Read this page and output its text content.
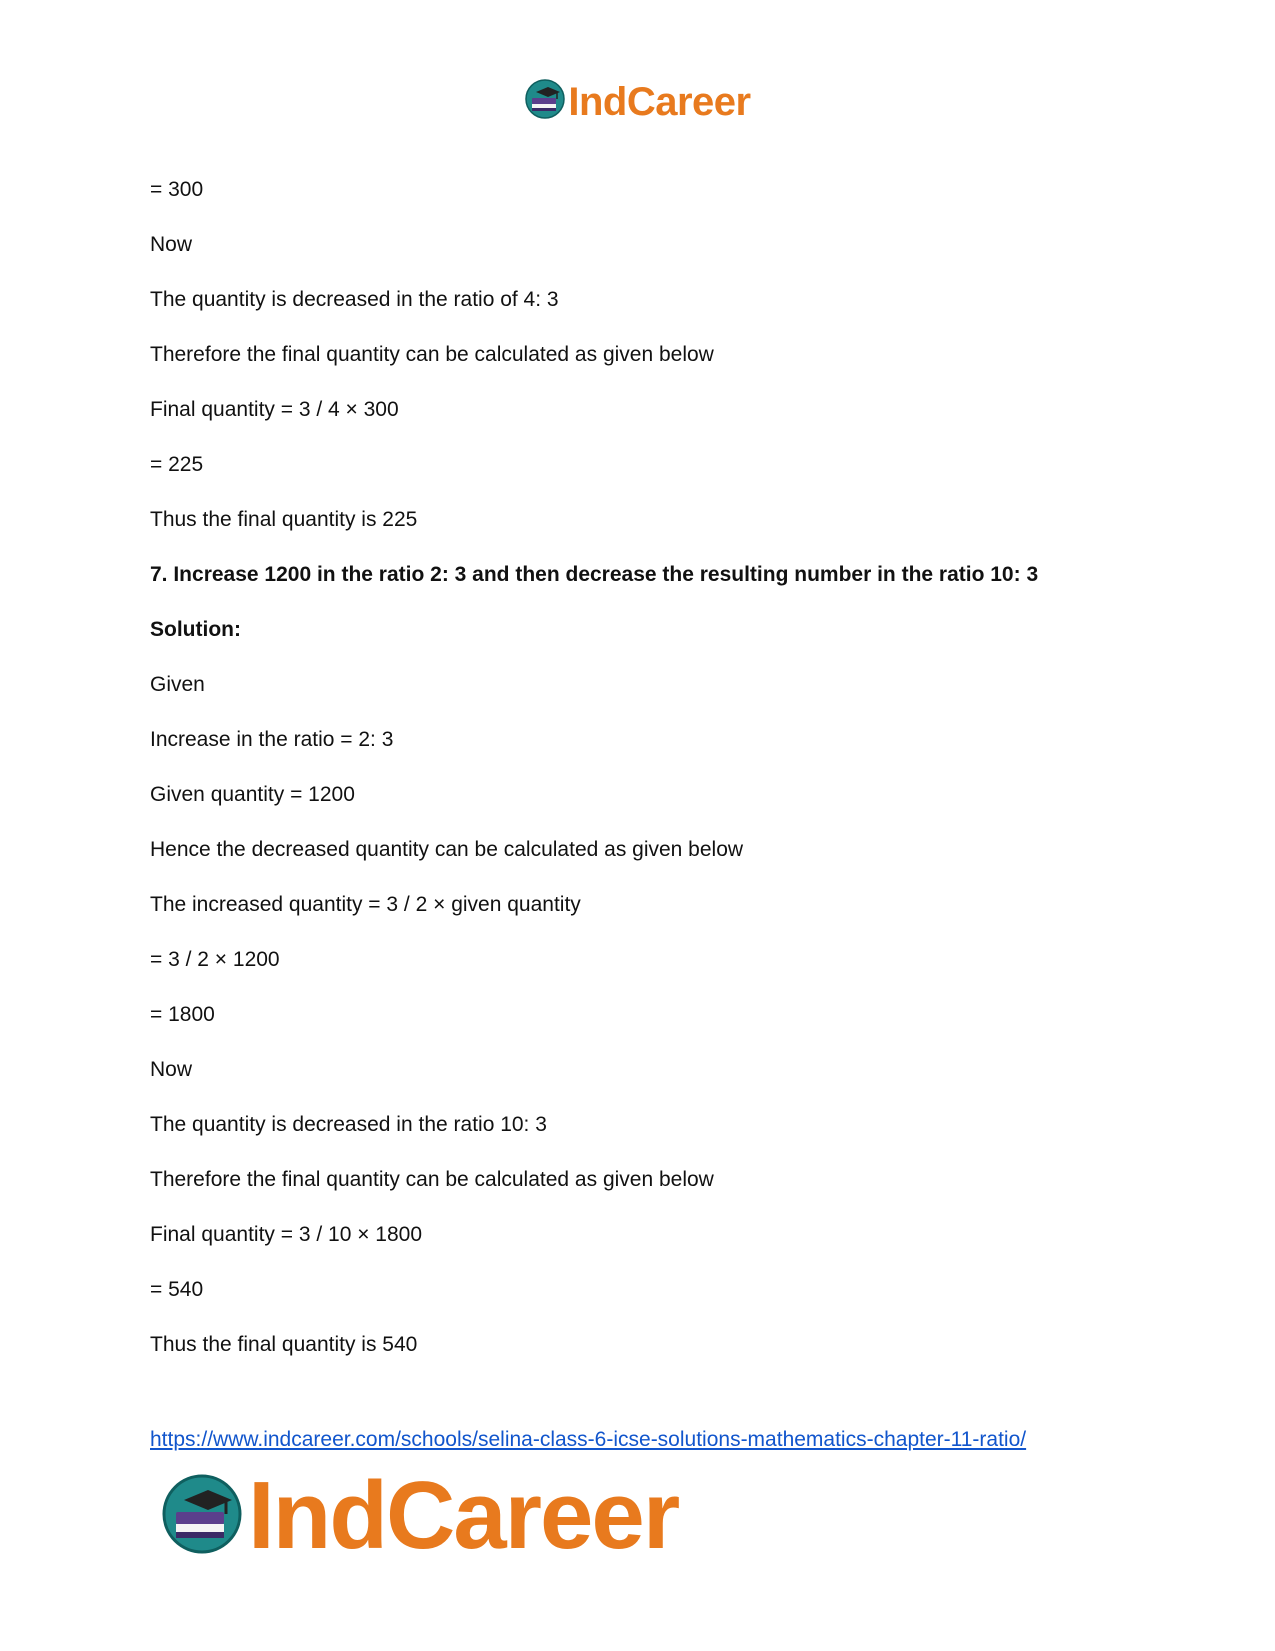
IndCareer
= 300
Now
The quantity is decreased in the ratio of 4: 3
Therefore the final quantity can be calculated as given below
Final quantity = 3 / 4 × 300
= 225
Thus the final quantity is 225
7. Increase 1200 in the ratio 2: 3 and then decrease the resulting number in the ratio 10: 3
Solution:
Given
Increase in the ratio = 2: 3
Given quantity = 1200
Hence the decreased quantity can be calculated as given below
The increased quantity = 3 / 2 × given quantity
= 3 / 2 × 1200
= 1800
Now
The quantity is decreased in the ratio 10: 3
Therefore the final quantity can be calculated as given below
Final quantity = 3 / 10 × 1800
= 540
Thus the final quantity is 540
https://www.indcareer.com/schools/selina-class-6-icse-solutions-mathematics-chapter-11-ratio/
IndCareer
